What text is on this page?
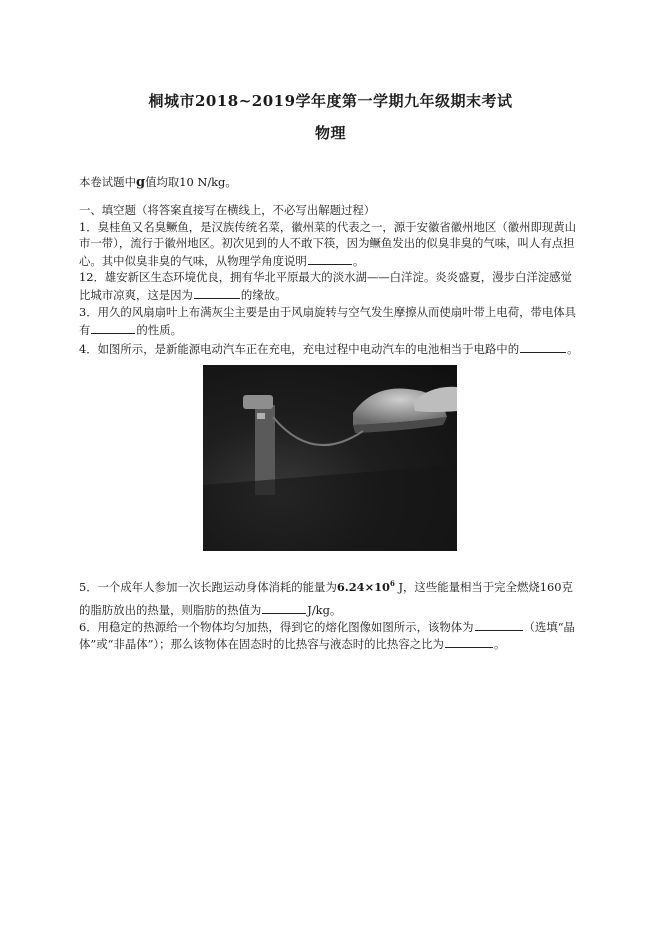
桐城市2018~2019学年度第一学期九年级期末考试
物理
本卷试题中g值均取10 N/kg。
一、填空题（将答案直接写在横线上，不必写出解题过程）
1．臭桂鱼又名臭鳜鱼，是汉族传统名菜，徽州菜的代表之一，源于安徽省徽州地区（徽州即现黄山
市一带），流行于徽州地区。初次见到的人不敢下筷，因为鳜鱼发出的似臭非臭的气味，叫人有点担
心。其中似臭非臭的气味，从物理学角度说明	。
12．雄安新区生态环境优良，拥有华北平原最大的淡水湖——白洋淀。炎炎盛夏，漫步白洋淀感觉
比城市凉爽，这是因为	的缘故。
3．用久的风扇扇叶上布满灰尘主要是由于风扇旋转与空气发生摩擦从而使扇叶带上电荷，带电体具
有	的性质。
4．如图所示，是新能源电动汽车正在充电，充电过程中电动汽车的电池相当于电路中的	。
5．一个成年人参加一次长跑运动身体消耗的能量为$6.24\times 10^6$ J，这些能量相当于完全燃烧160克
的脂肪放出的热量，则脂肪的热值为	J/kg。
6．用稳定的热源给一个物体均匀加热，得到它的熔化图像如图所示，该物体为	（选填“晶
体”或“非晶体”）；那么该物体在固态时的比热容与液态时的比热容之比为	。
